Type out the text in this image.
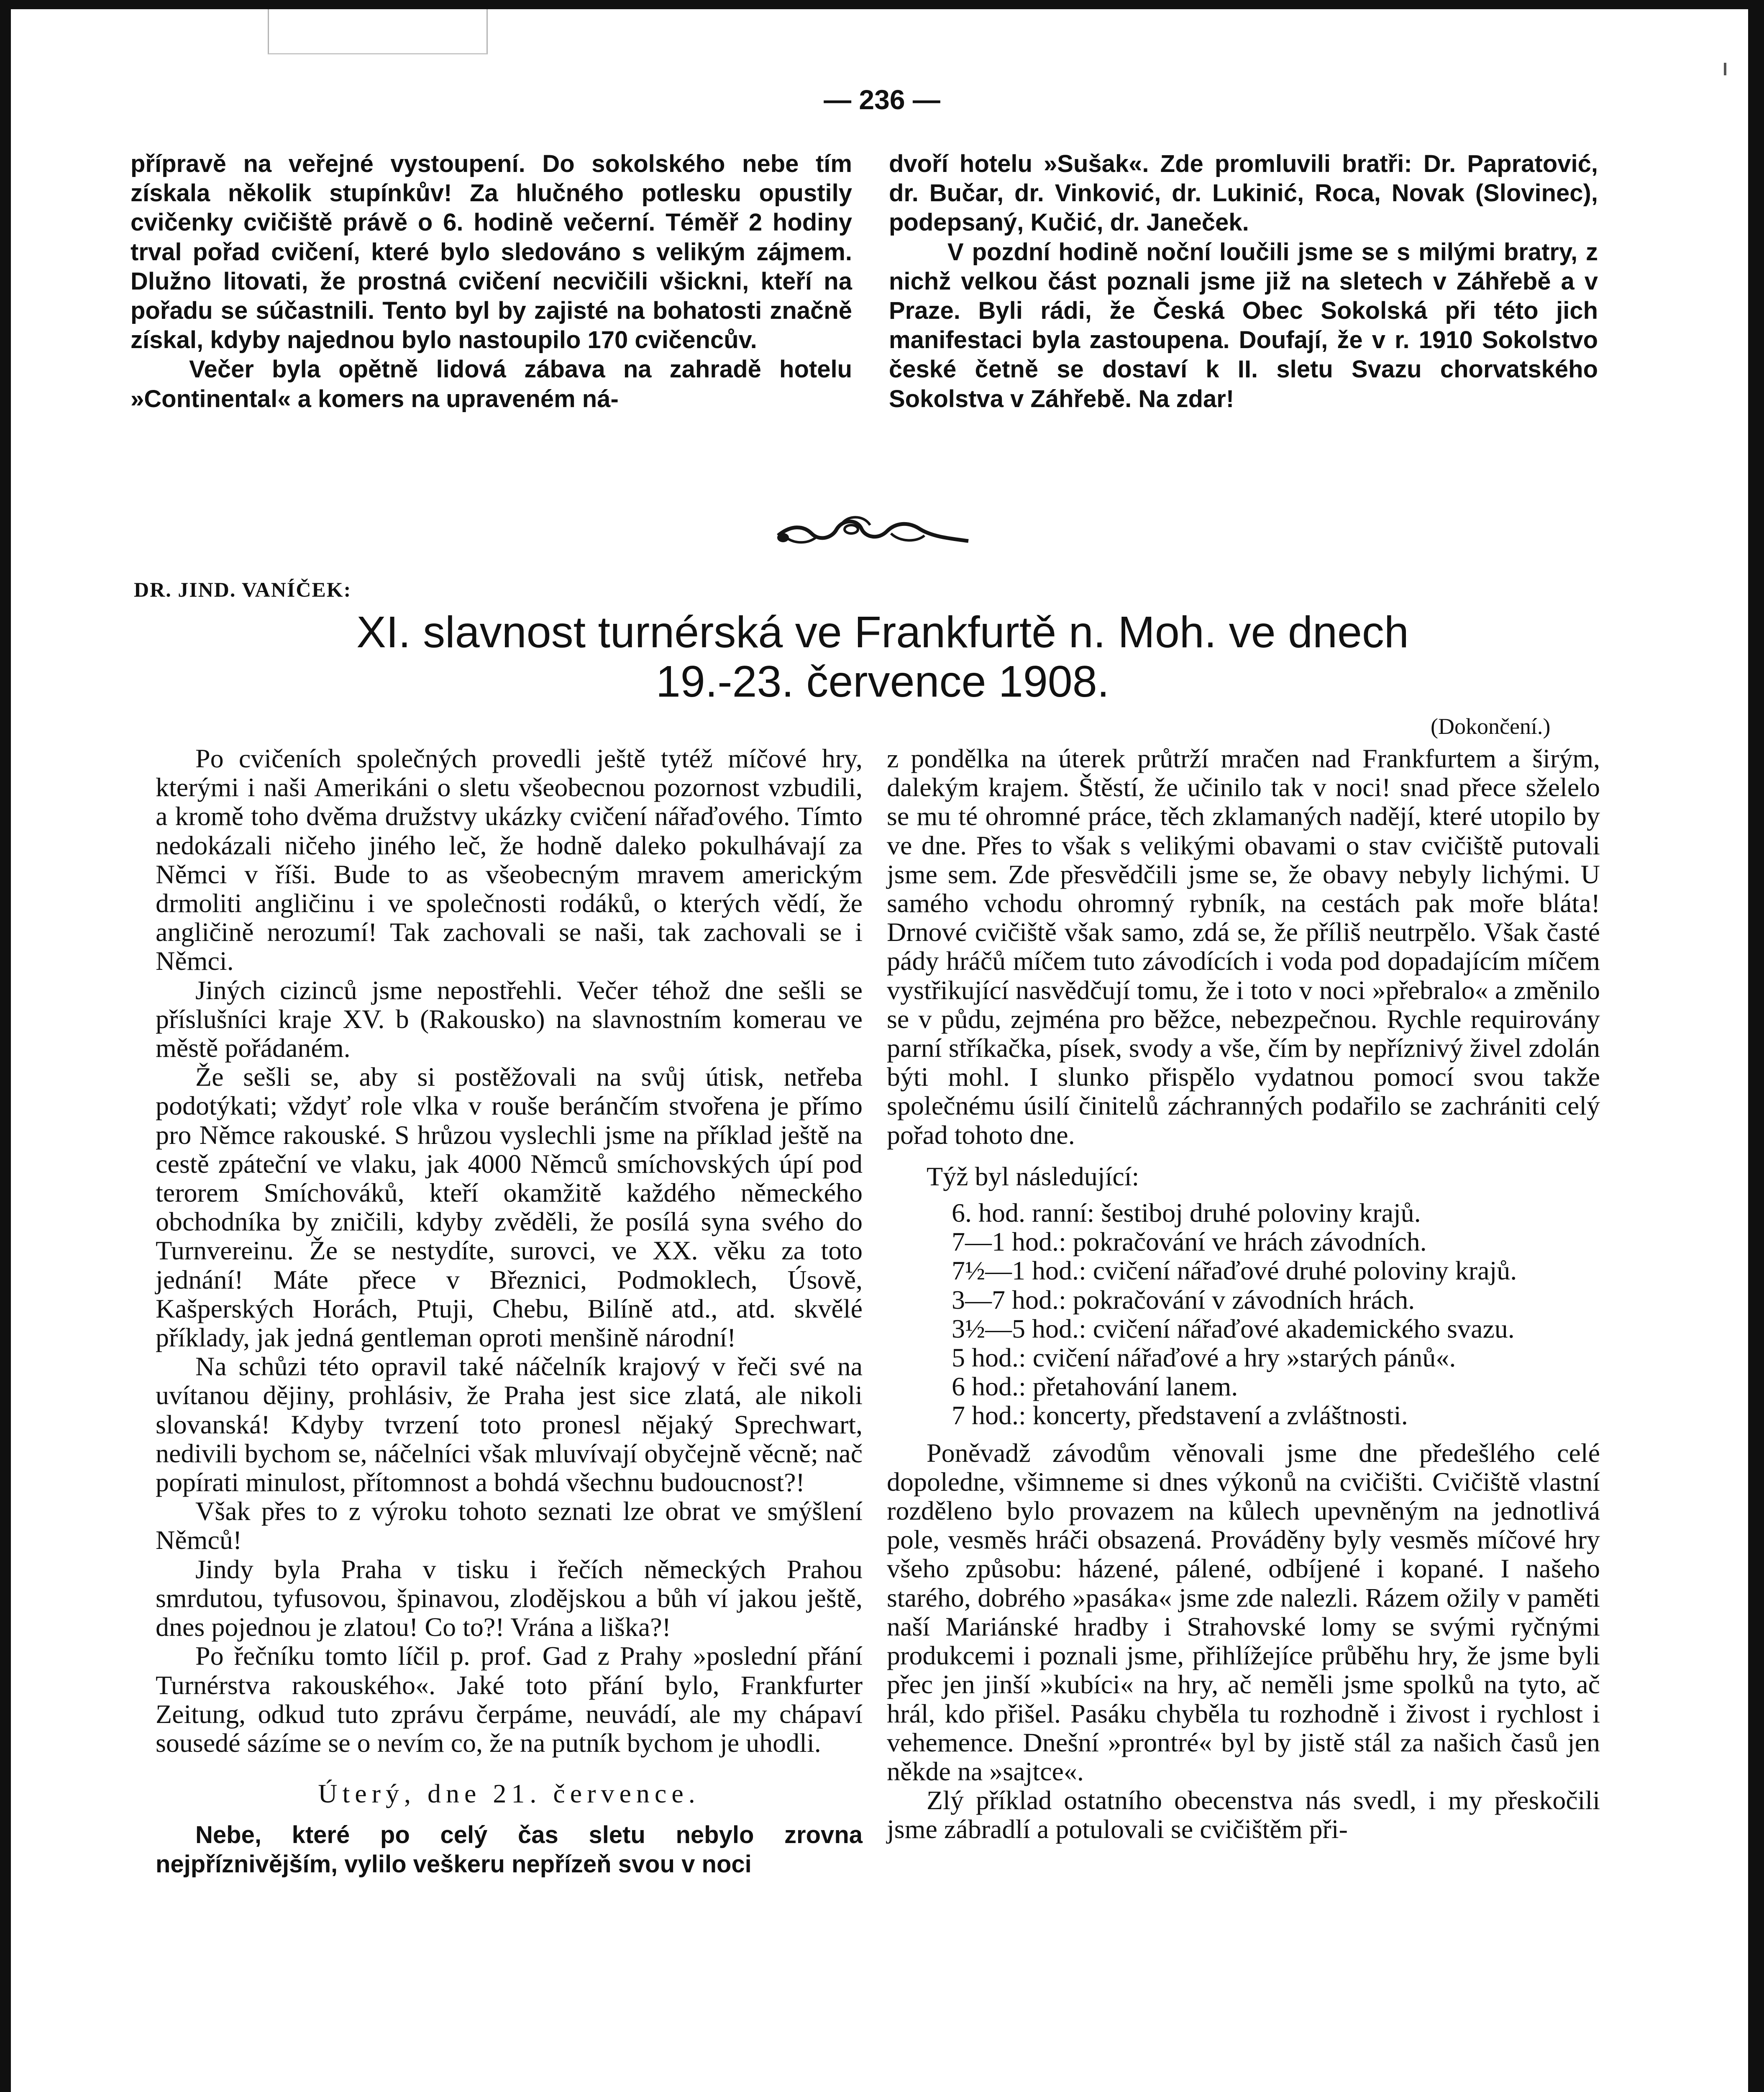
— 236 —

přípravě na veřejné vystoupení. Do sokolského nebe tím získala několik stupínkův! Za hlučného potlesku opustily cvičenky cvičiště právě o 6. hodině večerní. Téměř 2 hodiny trval pořad cvičení, které bylo sledováno s velikým zájmem. Dlužno litovati, že prostná cvičení necvičili všickni, kteří na pořadu se súčastnili. Tento byl by zajisté na bohatosti značně získal, kdyby najednou bylo nastoupilo 170 cvičencův.

Večer byla opětně lidová zábava na zahradě hotelu »Continental« a komers na upraveném ná-

dvoří hotelu »Sušak«. Zde promluvili bratři: Dr. Papratović, dr. Bučar, dr. Vinković, dr. Lukinić, Roca, Novak (Slovinec), podepsaný, Kučić, dr. Janeček.

V pozdní hodině noční loučili jsme se s milými bratry, z nichž velkou část poznali jsme již na sletech v Záhřebě a v Praze. Byli rádi, že Česká Obec Sokolská při této jich manifestaci byla zastoupena. Doufají, že v r. 1910 Sokolstvo české četně se dostaví k II. sletu Svazu chorvatského Sokolstva v Záhřebě. Na zdar!

DR. JIND. VANÍČEK:
XI. slavnost turnérská ve Frankfurtě n. Moh. ve dnech
19.-23. července 1908.
(Dokončení.)

Po cvičeních společných provedli ještě tytéž míčové hry, kterými i naši Amerikáni o sletu všeobecnou pozornost vzbudili, a kromě toho dvěma družstvy ukázky cvičení nářaďového. Tímto nedokázali ničeho jiného leč, že hodně daleko pokulhávají za Němci v říši. Bude to as všeobecným mravem americkým drmoliti angličinu i ve společnosti rodáků, o kterých vědí, že angličině nerozumí! Tak zachovali se naši, tak zachovali se i Němci.

Jiných cizinců jsme nepostřehli. Večer téhož dne sešli se příslušníci kraje XV. b (Rakousko) na slavnostním komerau ve městě pořádaném.

Že sešli se, aby si postěžovali na svůj útisk, netřeba podotýkati; vždyť role vlka v rouše beránčím stvořena je přímo pro Němce rakouské. S hrůzou vyslechli jsme na příklad ještě na cestě zpáteční ve vlaku, jak 4000 Němců smíchovských úpí pod terorem Smíchováků, kteří okamžitě každého německého obchodníka by zničili, kdyby zvěděli, že posílá syna svého do Turnvereinu. Že se nestydíte, surovci, ve XX. věku za toto jednání! Máte přece v Březnici, Podmoklech, Úsově, Kašperských Horách, Ptuji, Chebu, Bilíně atd., atd. skvělé příklady, jak jedná gentleman oproti menšině národní!

Na schůzi této opravil také náčelník krajový v řeči své na uvítanou dějiny, prohlásiv, že Praha jest sice zlatá, ale nikoli slovanská! Kdyby tvrzení toto pronesl nějaký Sprechwart, nedivili bychom se, náčelníci však mluvívají obyčejně věcně; nač popírati minulost, přítomnost a bohdá všechnu budoucnost?!

Však přes to z výroku tohoto seznati lze obrat ve smýšlení Němců!

Jindy byla Praha v tisku i řečích německých Prahou smrdutou, tyfusovou, špinavou, zlodějskou a bůh ví jakou ještě, dnes pojednou je zlatou! Co to?! Vrána a liška?!

Po řečníku tomto líčil p. prof. Gad z Prahy »poslední přání Turnérstva rakouského«. Jaké toto přání bylo, Frankfurter Zeitung, odkud tuto zprávu čerpáme, neuvádí, ale my chápaví sousedé sázíme se o nevím co, že na putník bychom je uhodli.

Úterý, dne 21. července.

Nebe, které po celý čas sletu nebylo zrovna nejpříznivějším, vylilo veškeru nepřízeň svou v noci

z pondělka na úterek průtrží mračen nad Frankfurtem a širým, dalekým krajem. Štěstí, že učinilo tak v noci! snad přece sželelo se mu té ohromné práce, těch zklamaných nadějí, které utopilo by ve dne. Přes to však s velikými obavami o stav cvičiště putovali jsme sem. Zde přesvědčili jsme se, že obavy nebyly lichými. U samého vchodu ohromný rybník, na cestách pak moře bláta! Drnové cvičiště však samo, zdá se, že příliš neutrpělo. Však časté pády hráčů míčem tuto závodících i voda pod dopadajícím míčem vystřikující nasvědčují tomu, že i toto v noci »přebralo« a změnilo se v půdu, zejména pro běžce, nebezpečnou. Rychle requirovány parní stříkačka, písek, svody a vše, čím by nepříznivý živel zdolán býti mohl. I slunko přispělo vydatnou pomocí svou takže společnému úsilí činitelů záchranných podařilo se zachrániti celý pořad tohoto dne.

Týž byl následující:

6. hod. ranní: šestiboj druhé poloviny krajů.

7—1 hod.: pokračování ve hrách závodních.

7½—1 hod.: cvičení nářaďové druhé poloviny krajů.

3—7 hod.: pokračování v závodních hrách.

3½—5 hod.: cvičení nářaďové akademického svazu.

5 hod.: cvičení nářaďové a hry »starých pánů«.

6 hod.: přetahování lanem.

7 hod.: koncerty, představení a zvláštnosti.

Poněvadž závodům věnovali jsme dne předešlého celé dopoledne, všimneme si dnes výkonů na cvičišti. Cvičiště vlastní rozděleno bylo provazem na kůlech upevněným na jednotlivá pole, vesměs hráči obsazená. Prováděny byly vesměs míčové hry všeho způsobu: házené, pálené, odbíjené i kopané. I našeho starého, dobrého »pasáka« jsme zde nalezli. Rázem ožily v paměti naší Mariánské hradby i Strahovské lomy se svými ryčnými produkcemi i poznali jsme, přihlížejíce průběhu hry, že jsme byli přec jen jinší »kubíci« na hry, ač neměli jsme spolků na tyto, ač hrál, kdo přišel. Pasáku chyběla tu rozhodně i živost i rychlost i vehemence. Dnešní »prontré« byl by jistě stál za našich časů jen někde na »sajtce«.

Zlý příklad ostatního obecenstva nás svedl, i my přeskočili jsme zábradlí a potulovali se cvičištěm při-
